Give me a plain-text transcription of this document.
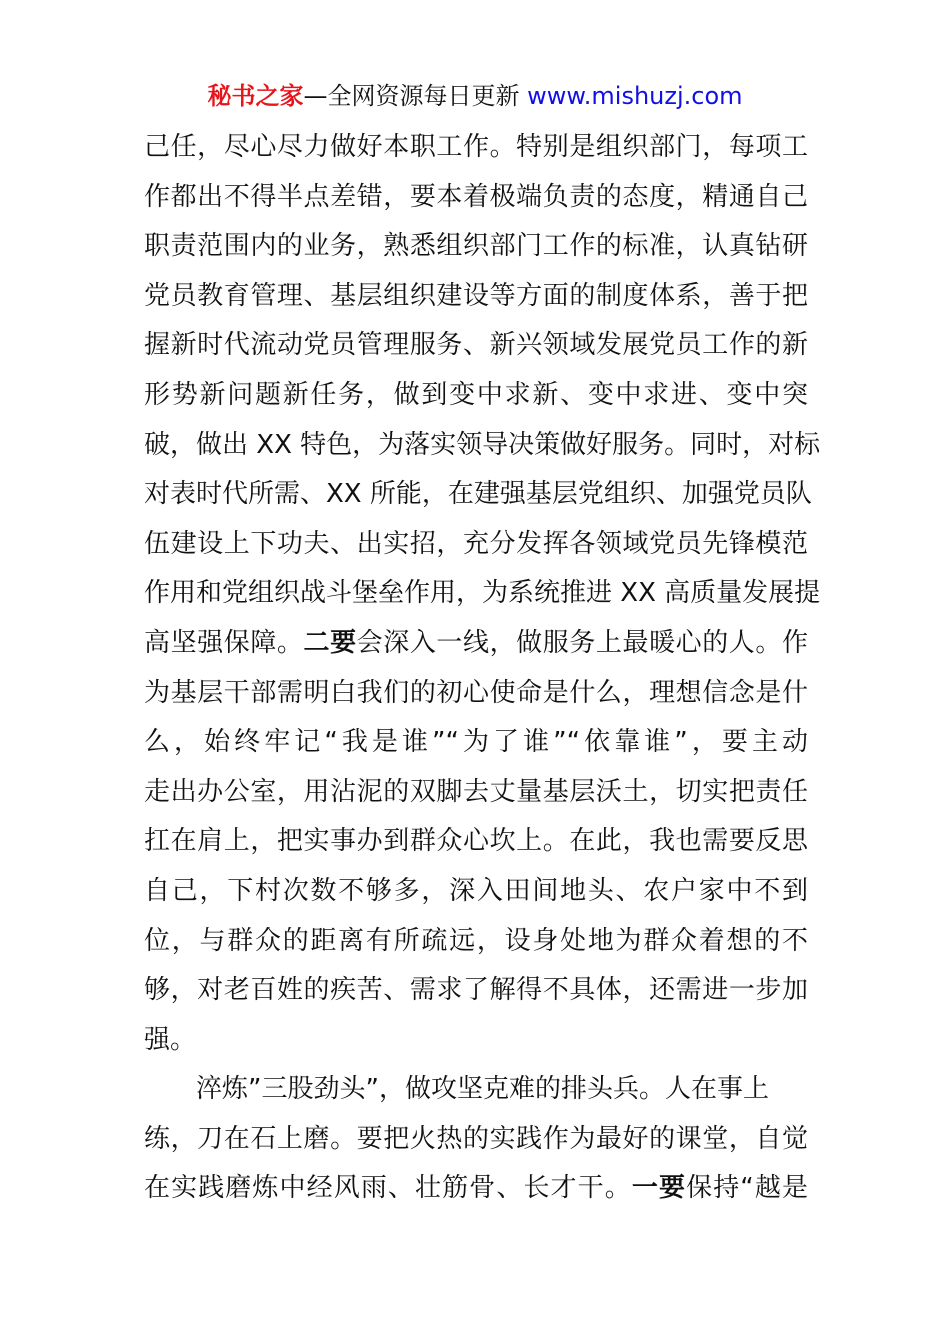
秘书之家—全网资源每日更新 www.mishuzj.com
己任，尽心尽力做好本职工作。特别是组织部门，每项工
作都出不得半点差错，要本着极端负责的态度，精通自己
职责范围内的业务，熟悉组织部门工作的标准，认真钻研
党员教育管理、基层组织建设等方面的制度体系，善于把
握新时代流动党员管理服务、新兴领域发展党员工作的新
形势新问题新任务，做到变中求新、变中求进、变中突
破，做出 XX 特色，为落实领导决策做好服务。同时，对标
对表时代所需、XX 所能，在建强基层党组织、加强党员队
伍建设上下功夫、出实招，充分发挥各领域党员先锋模范
作用和党组织战斗堡垒作用，为系统推进 XX 高质量发展提
高坚强保障。二要会深入一线，做服务上最暖心的人。作
为基层干部需明白我们的初心使命是什么，理想信念是什
么，始终牢记“我是谁”“为了谁”“依靠谁”，要主动
走出办公室，用沾泥的双脚去丈量基层沃土，切实把责任
扛在肩上，把实事办到群众心坎上。在此，我也需要反思
自己，下村次数不够多，深入田间地头、农户家中不到
位，与群众的距离有所疏远，设身处地为群众着想的不
够，对老百姓的疾苦、需求了解得不具体，还需进一步加
强。
淬炼”三股劲头”，做攻坚克难的排头兵。人在事上
练，刀在石上磨。要把火热的实践作为最好的课堂，自觉
在实践磨炼中经风雨、壮筋骨、长才干。一要保持“越是
